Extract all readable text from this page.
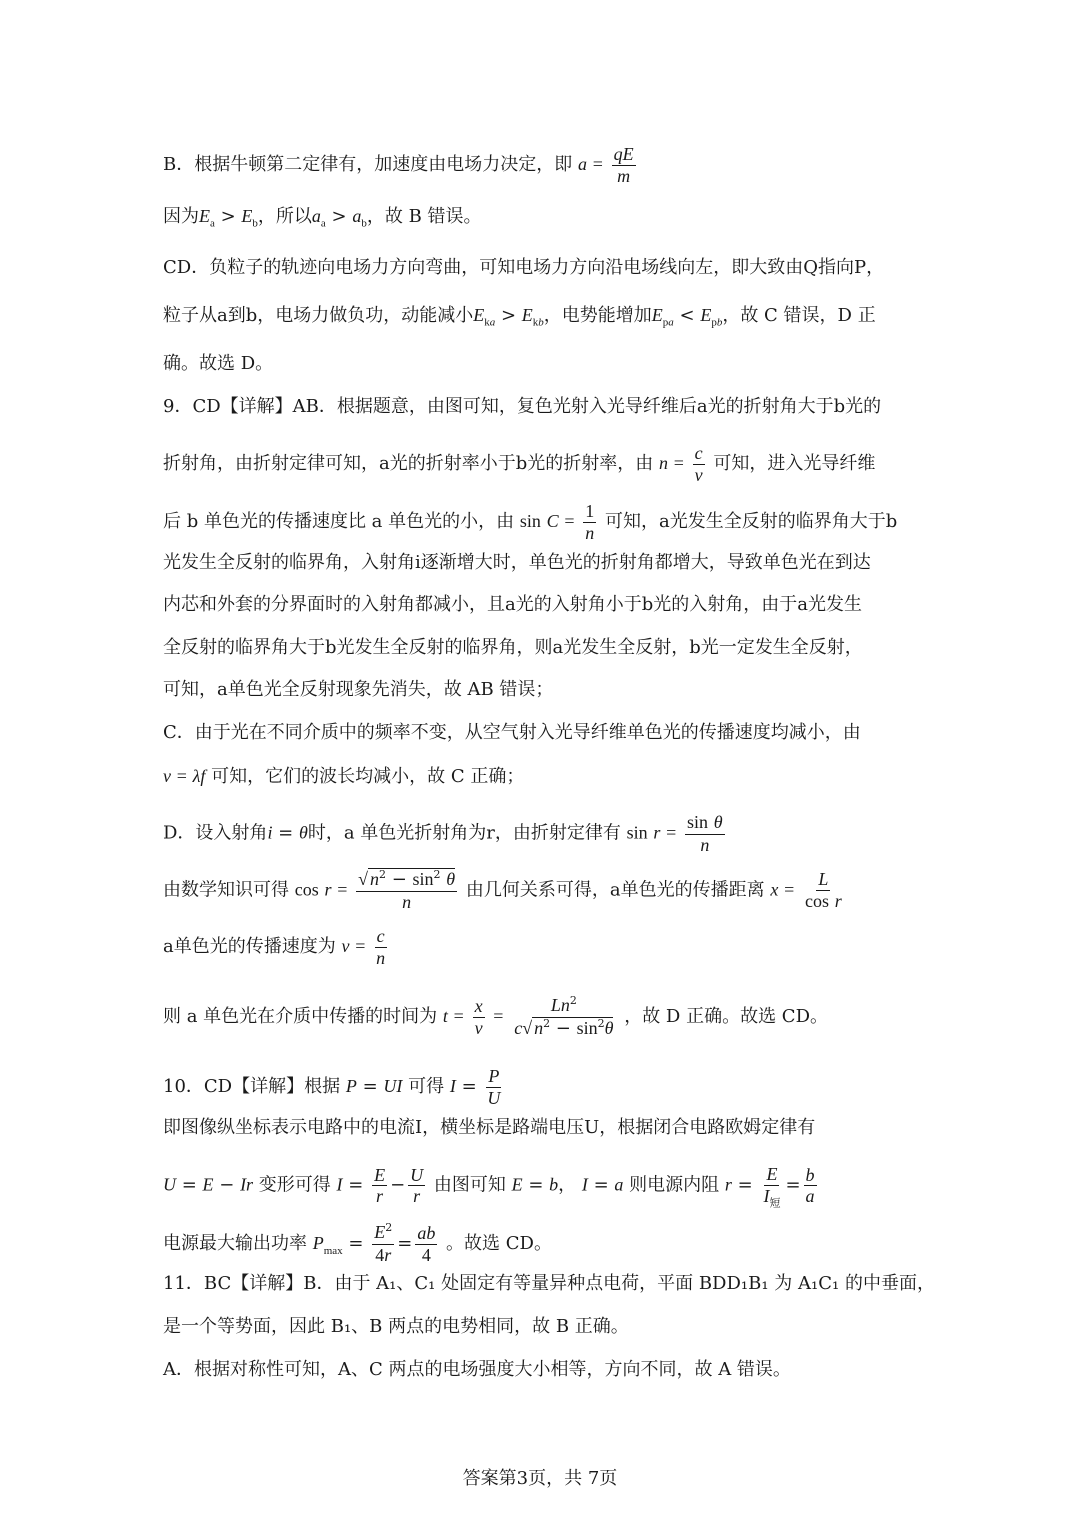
B．根据牛顿第二定律有，加速度由电场力决定，即 $a = \frac{qE}{m}$
因为$E_a > E_b$，所以$a_a > a_b$，故 B 错误。
CD．负粒子的轨迹向电场力方向弯曲，可知电场力方向沿电场线向左，即大致由Q指向P，
粒子从a到b，电场力做负功，动能减小$E_{ka} > E_{kb}$，电势能增加$E_{pa} < E_{pb}$，故 C 错误，D 正
确。故选 D。
9．CD【详解】AB．根据题意，由图可知，复色光射入光导纤维后a光的折射角大于b光的
折射角，由折射定律可知，a光的折射率小于b光的折射率，由 $n = \frac{c}{v}$ 可知，进入光导纤维
后 b 单色光的传播速度比 a 单色光的小，由 $\sin C = \frac{1}{n}$ 可知，a光发生全反射的临界角大于b
光发生全反射的临界角，入射角i逐渐增大时，单色光的折射角都增大，导致单色光在到达
内芯和外套的分界面时的入射角都减小，且a光的入射角小于b光的入射角，由于a光发生
全反射的临界角大于b光发生全反射的临界角，则a光发生全反射，b光一定发生全反射，
可知，a单色光全反射现象先消失，故 AB 错误；
C．由于光在不同介质中的频率不变，从空气射入光导纤维单色光的传播速度均减小，由
v = λf 可知，它们的波长均减小，故 C 正确；
D．设入射角i = θ时，a 单色光折射角为r，由折射定律有 $\sin r = \frac{\text{sin θ}}{n}$
由数学知识可得 $\cos r = \frac{√ n^2 - \sin^2 \theta}{n}$ 由几何关系可得，a单色光的传播距离 $x = \frac{L}{\text{cos r}}$
a单色光的传播速度为 $v = \frac{c}{n}$
则 a 单色光在介质中传播的时间为 $t = \frac{x}{v} = \frac{Ln^2}{c√ n^2 - \sin^2\theta}$ ，故 D 正确。故选 CD。
10．CD【详解】根据 P = UI 可得 $I = \frac{P}{U}$
即图像纵坐标表示电路中的电流I，横坐标是路端电压U，根据闭合电路欧姆定律有
U = E − Ir 变形可得 $I = \frac{E}{r} - \frac{U}{r}$ 由图可知 E = b， I = a 则电源内阻 $r = \frac{E}{I_短} = \frac{b}{a}$
电源最大输出功率 $P_{max} = \frac{E^2}{4r} = \frac{ab}{4}$ 。故选 CD。
11．BC【详解】B．由于 A₁、C₁ 处固定有等量异种点电荷，平面 BDD₁B₁ 为 A₁C₁ 的中垂面，
是一个等势面，因此 B₁、B 两点的电势相同，故 B 正确。
A．根据对称性可知，A、C 两点的电场强度大小相等，方向不同，故 A 错误。
答案第3页，共 7页
